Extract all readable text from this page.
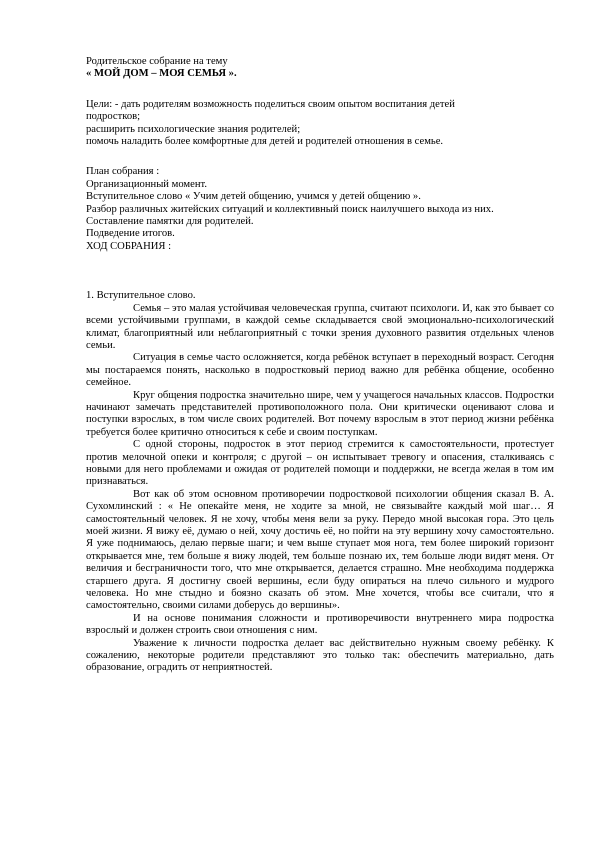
Родительское собрание на тему
« МОЙ ДОМ – МОЯ СЕМЬЯ ».
Цели: - дать родителям возможность поделиться своим опытом воспитания детей
подростков;
расширить психологические знания родителей;
помочь наладить более комфортные для детей и родителей отношения в семье.
План собрания :
Организационный момент.
Вступительное слово « Учим детей общению, учимся у детей общению ».
Разбор различных житейских ситуаций и коллективный поиск наилучшего выхода из них.
Составление памятки для родителей.
Подведение итогов.
ХОД СОБРАНИЯ :
1. Вступительное слово.
Семья – это малая устойчивая человеческая группа, считают психологи. И, как это бывает со всеми устойчивыми группами, в каждой семье складывается свой эмоционально-психологический климат, благоприятный или неблагоприятный с точки зрения духовного развития отдельных членов семьи.
Ситуация в семье часто осложняется, когда ребёнок вступает в переходный возраст. Сегодня мы постараемся понять, насколько в подростковый период важно для ребёнка общение, особенно семейное.
Круг общения подростка значительно шире, чем у учащегося начальных классов. Подростки начинают замечать представителей противоположного пола. Они критически оценивают слова и поступки взрослых, в том числе своих родителей. Вот почему взрослым в этот период жизни ребёнка требуется более критично относиться к себе и своим поступкам.
С одной стороны, подросток в этот период стремится к самостоятельности, протестует против мелочной опеки и контроля; с другой – он испытывает тревогу и опасения, сталкиваясь с новыми для него проблемами и ожидая от родителей помощи и поддержки, не всегда желая в том им признаваться.
Вот как об этом основном противоречии подростковой психологии общения сказал В. А. Сухомлинский : « Не опекайте меня, не ходите за мной, не связывайте каждый мой шаг… Я самостоятельный человек. Я не хочу, чтобы меня вели за руку. Передо мной высокая гора. Это цель моей жизни. Я вижу её, думаю о ней, хочу достичь её, но пойти на эту вершину хочу самостоятельно. Я уже поднимаюсь, делаю первые шаги; и чем выше ступает моя нога, тем более широкий горизонт открывается мне, тем больше я вижу людей, тем больше познаю их, тем больше люди видят меня. От величия и бесграничности того, что мне открывается, делается страшно. Мне необходима поддержка старшего друга. Я достигну своей вершины, если буду опираться на плечо сильного и мудрого человека. Но мне стыдно и боязно сказать об этом. Мне хочется, чтобы все считали, что я самостоятельно, своими силами доберусь до вершины».
И на основе понимания сложности и противоречивости внутреннего мира подростка взрослый и должен строить свои отношения с ним.
Уважение к личности подростка делает вас действительно нужным своему ребёнку. К сожалению, некоторые родители представляют это только так: обеспечить материально, дать образование, оградить от неприятностей.
